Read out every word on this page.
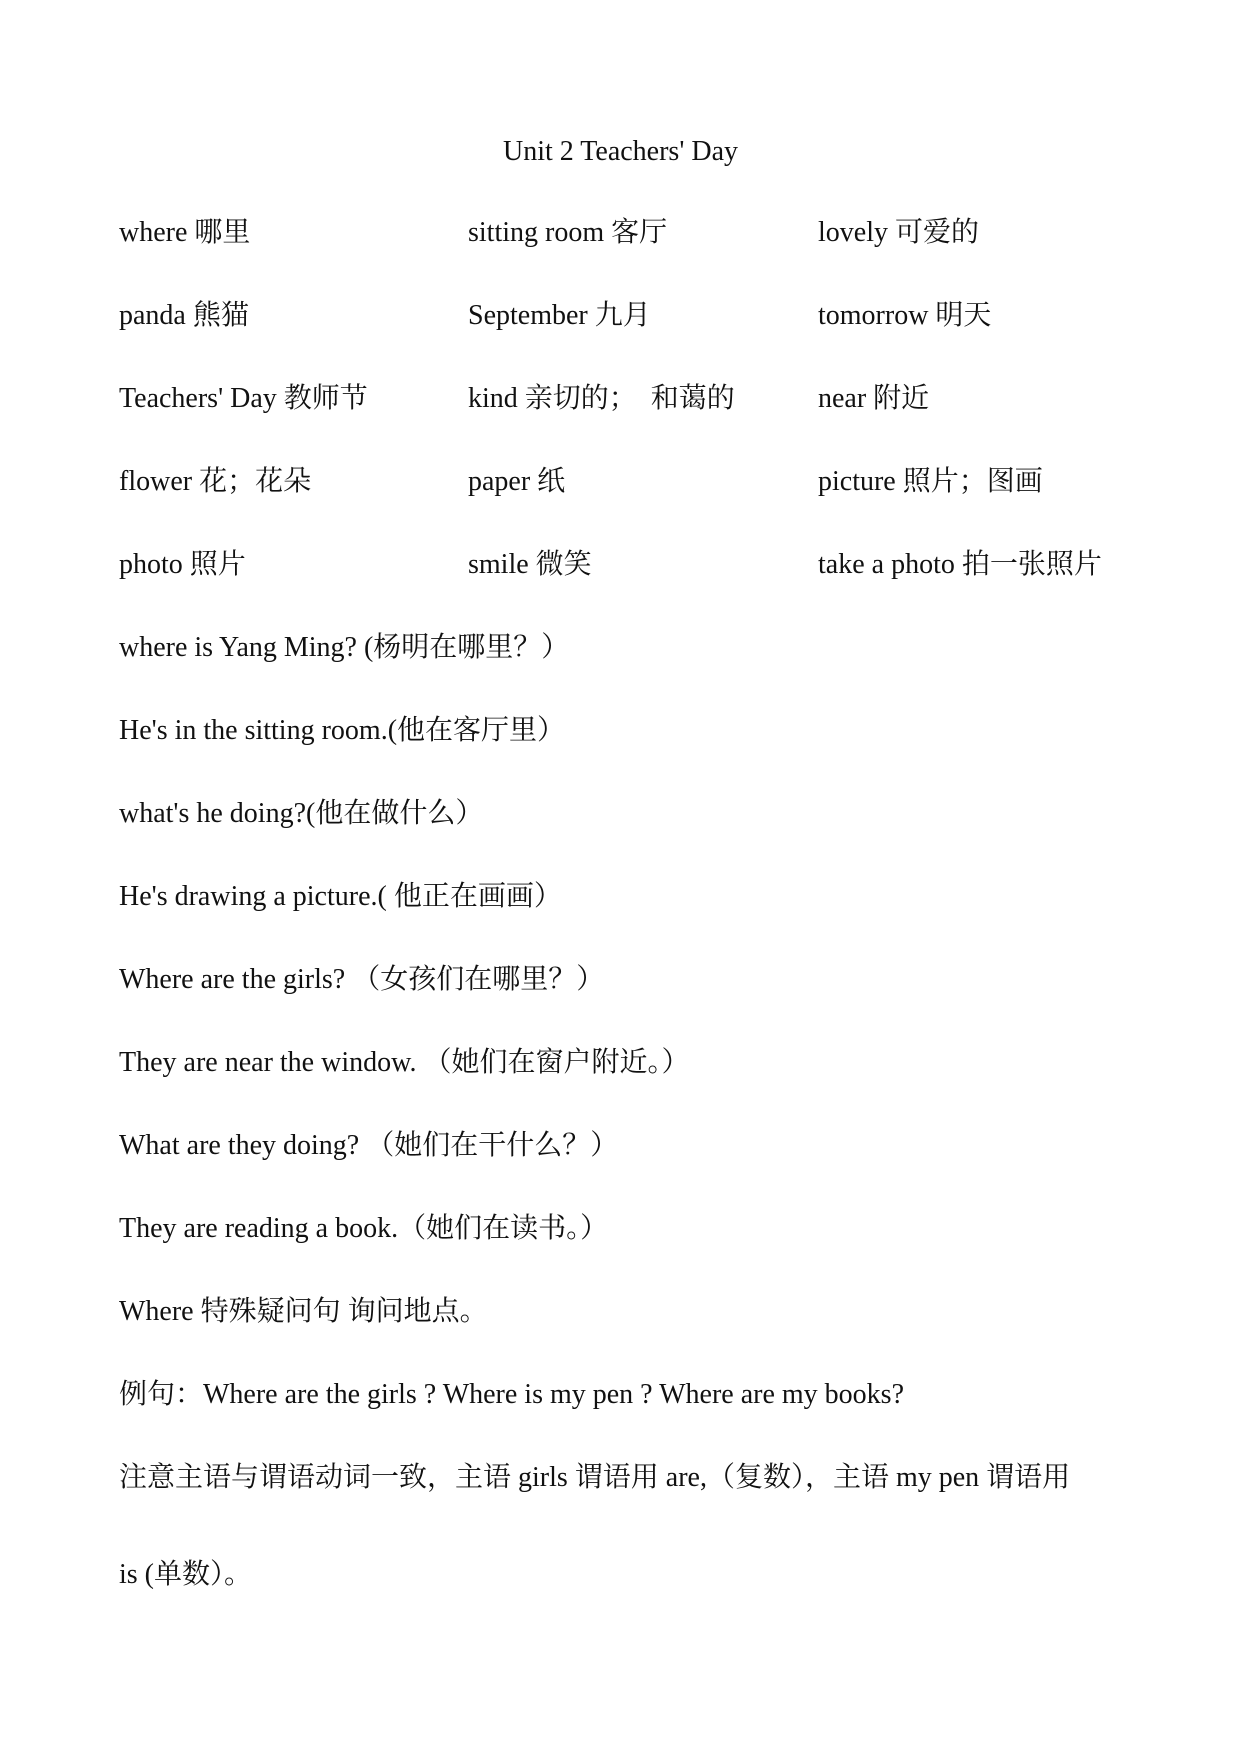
Unit 2 Teachers' Day
where 哪里	sitting room 客厅	lovely 可爱的
panda 熊猫	September 九月	tomorrow 明天
Teachers' Day 教师节	kind 亲切的；　和蔼的	near 附近
flower 花；花朵	paper 纸	picture 照片；图画
photo 照片	smile 微笑	take a photo 拍一张照片
where is Yang Ming? (杨明在哪里？）
He's in the sitting room.(他在客厅里）
what's he doing?(他在做什么）
He's drawing a picture.( 他正在画画）
Where are the girls? （女孩们在哪里？）
They are near the window. （她们在窗户附近。）
What are they doing? （她们在干什么？）
They are reading a book.（她们在读书。）
Where 特殊疑问句 询问地点。
例句：Where are the girls ? Where is my pen ? Where are my books?
注意主语与谓语动词一致，主语 girls 谓语用 are,（复数），主语 my pen 谓语用
is (单数）。
